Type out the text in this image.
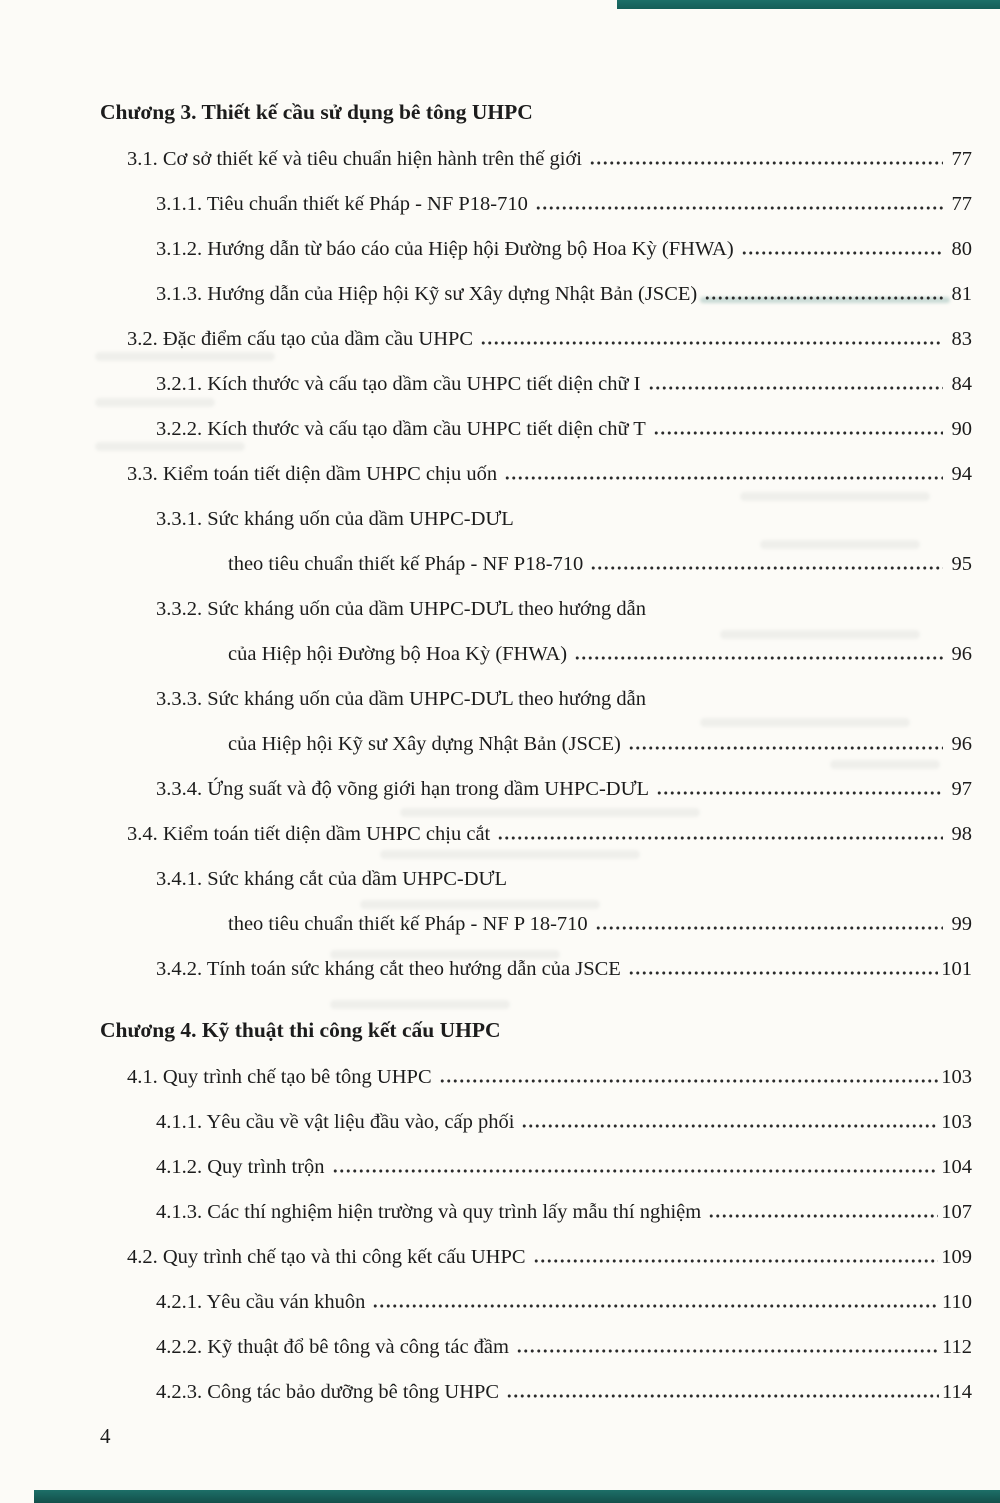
Chương 3. Thiết kế cầu sử dụng bê tông UHPC
3.1. Cơ sở thiết kế và tiêu chuẩn hiện hành trên thế giới	77
3.1.1. Tiêu chuẩn thiết kế Pháp - NF P18-710	77
3.1.2. Hướng dẫn từ báo cáo của Hiệp hội Đường bộ Hoa Kỳ (FHWA)	80
3.1.3. Hướng dẫn của Hiệp hội Kỹ sư Xây dựng Nhật Bản (JSCE)	81
3.2. Đặc điểm cấu tạo của dầm cầu UHPC	83
3.2.1. Kích thước và cấu tạo dầm cầu UHPC tiết diện chữ I	84
3.2.2. Kích thước và cấu tạo dầm cầu UHPC tiết diện chữ T	90
3.3. Kiểm toán tiết diện dầm UHPC chịu uốn	94
3.3.1. Sức kháng uốn của dầm UHPC-DƯL
theo tiêu chuẩn thiết kế Pháp - NF P18-710	95
3.3.2. Sức kháng uốn của dầm UHPC-DƯL theo hướng dẫn
của Hiệp hội Đường bộ Hoa Kỳ (FHWA)	96
3.3.3. Sức kháng uốn của dầm UHPC-DƯL theo hướng dẫn
của Hiệp hội Kỹ sư Xây dựng Nhật Bản (JSCE)	96
3.3.4. Ứng suất và độ võng giới hạn trong dầm UHPC-DƯL	97
3.4. Kiểm toán tiết diện dầm UHPC chịu cắt	98
3.4.1. Sức kháng cắt của dầm UHPC-DƯL
theo tiêu chuẩn thiết kế Pháp - NF P 18-710	99
3.4.2. Tính toán sức kháng cắt theo hướng dẫn của JSCE	101
Chương 4. Kỹ thuật thi công kết cấu UHPC
4.1. Quy trình chế tạo bê tông UHPC	103
4.1.1. Yêu cầu về vật liệu đầu vào, cấp phối	103
4.1.2. Quy trình trộn	104
4.1.3. Các thí nghiệm hiện trường và quy trình lấy mẫu thí nghiệm	107
4.2. Quy trình chế tạo và thi công kết cấu UHPC	109
4.2.1. Yêu cầu ván khuôn	110
4.2.2. Kỹ thuật đổ bê tông và công tác đầm	112
4.2.3. Công tác bảo dưỡng bê tông UHPC	114
4
